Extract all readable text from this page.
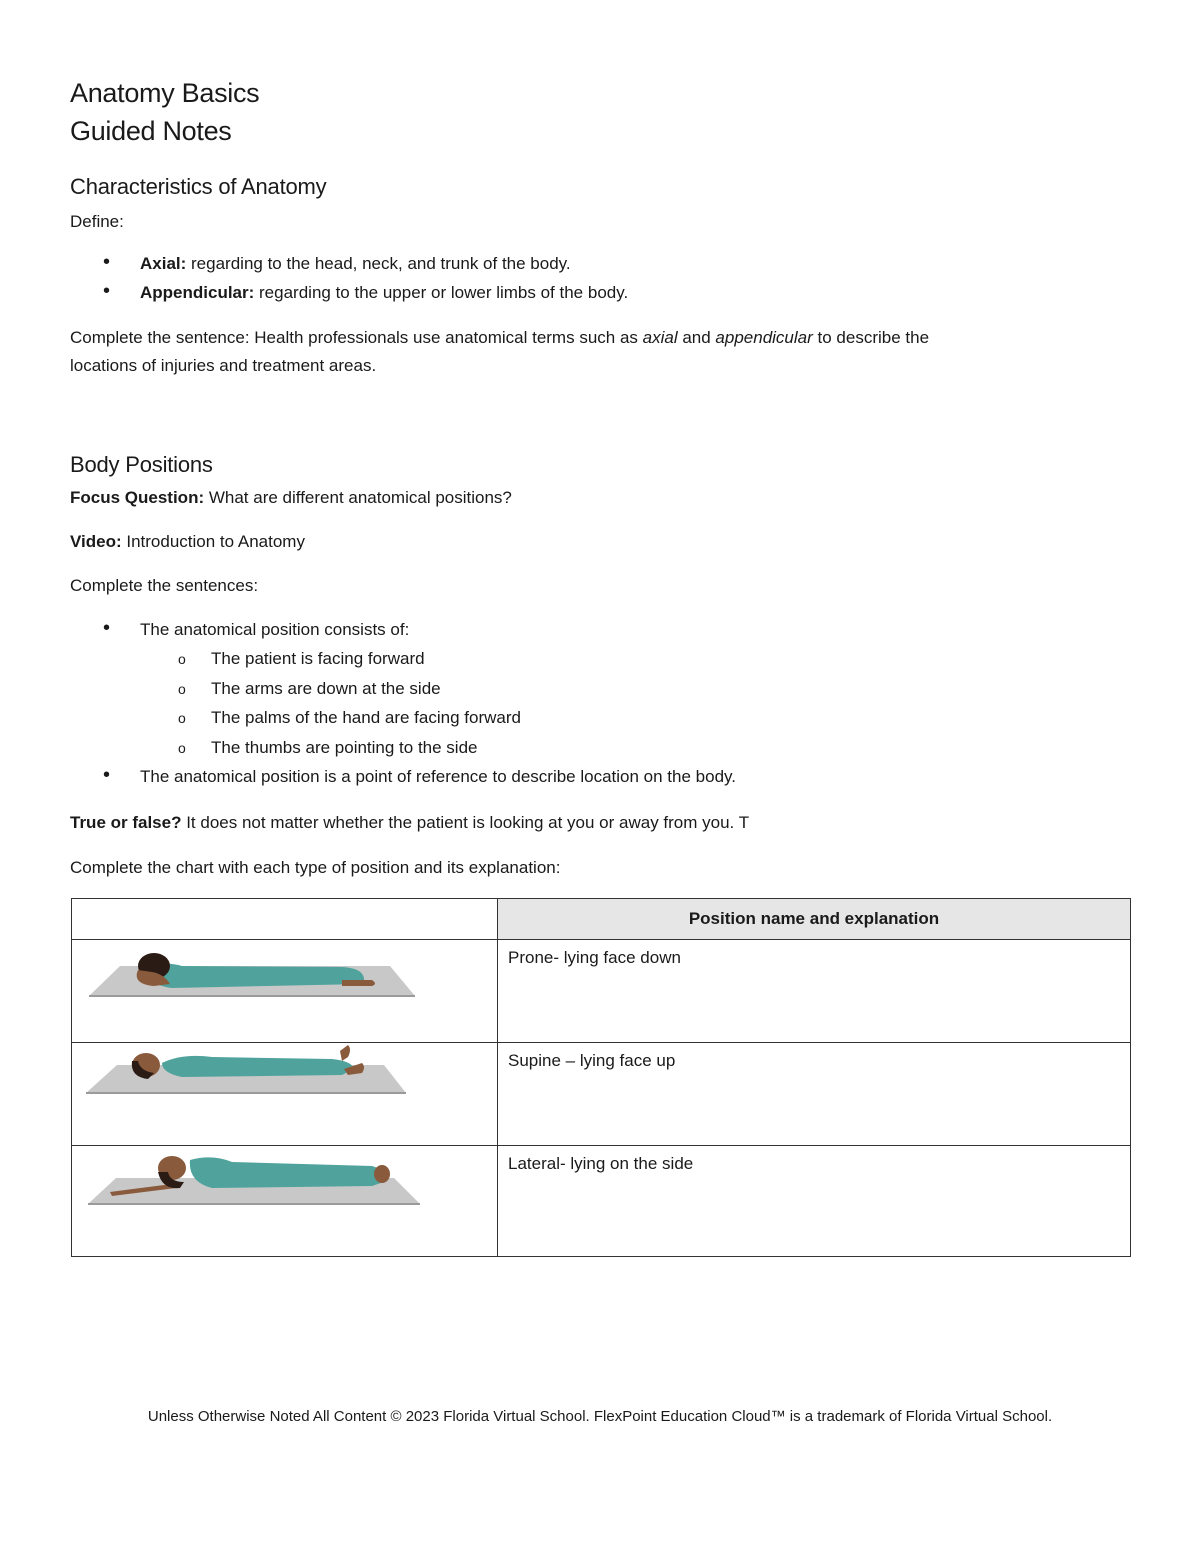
Anatomy Basics
Guided Notes
Characteristics of Anatomy
Define:
• Axial: regarding to the head, neck, and trunk of the body.
• Appendicular: regarding to the upper or lower limbs of the body.
Complete the sentence: Health professionals use anatomical terms such as axial and appendicular to describe the
locations of injuries and treatment areas.
Body Positions
Focus Question: What are different anatomical positions?
Video: Introduction to Anatomy
Complete the sentences:
• The anatomical position consists of:
o The patient is facing forward
o The arms are down at the side
o The palms of the hand are facing forward
o The thumbs are pointing to the side
• The anatomical position is a point of reference to describe location on the body.
True or false? It does not matter whether the patient is looking at you or away from you. T
Complete the chart with each type of position and its explanation:
	Position name and explanation
	Prone- lying face down
	Supine – lying face up
	Lateral- lying on the side
Unless Otherwise Noted All Content © 2023 Florida Virtual School. FlexPoint Education Cloud™ is a trademark of Florida Virtual School.
